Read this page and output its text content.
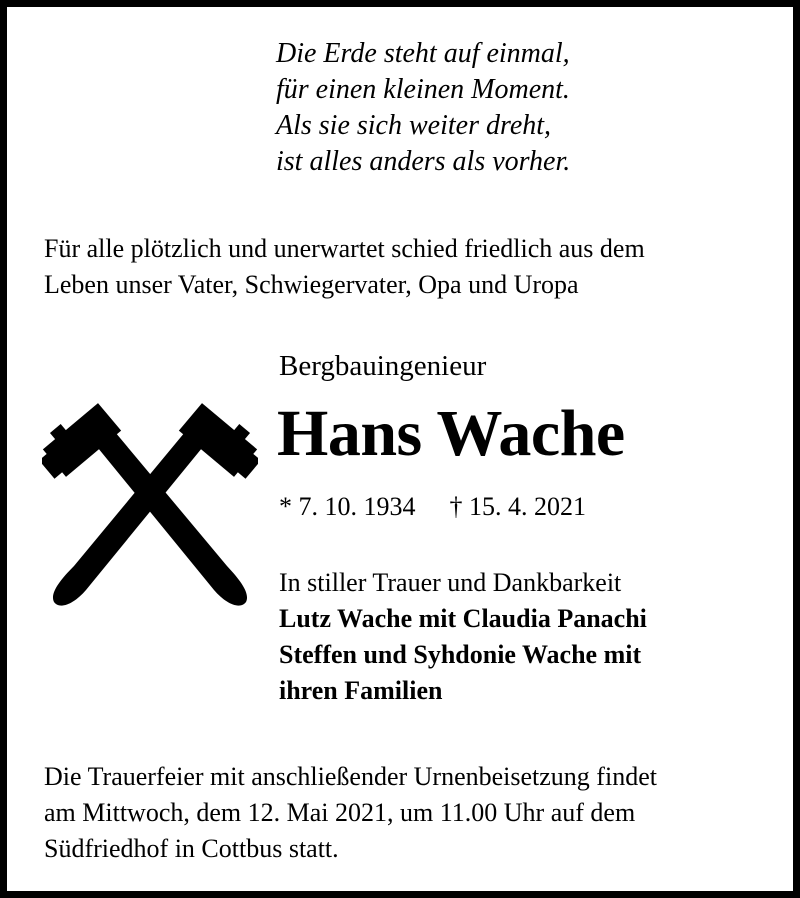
Die Erde steht auf einmal,
für einen kleinen Moment.
Als sie sich weiter dreht,
ist alles anders als vorher.
Für alle plötzlich und unerwartet schied friedlich aus dem
Leben unser Vater, Schwiegervater, Opa und Uropa
Bergbauingenieur
Hans Wache
* 7. 10. 1934 † 15. 4. 2021
In stiller Trauer und Dankbarkeit
Lutz Wache mit Claudia Panachi
Steffen und Syhdonie Wache mit
ihren Familien
Die Trauerfeier mit anschließender Urnenbeisetzung findet
am Mittwoch, dem 12. Mai 2021, um 11.00 Uhr auf dem
Südfriedhof in Cottbus statt.
